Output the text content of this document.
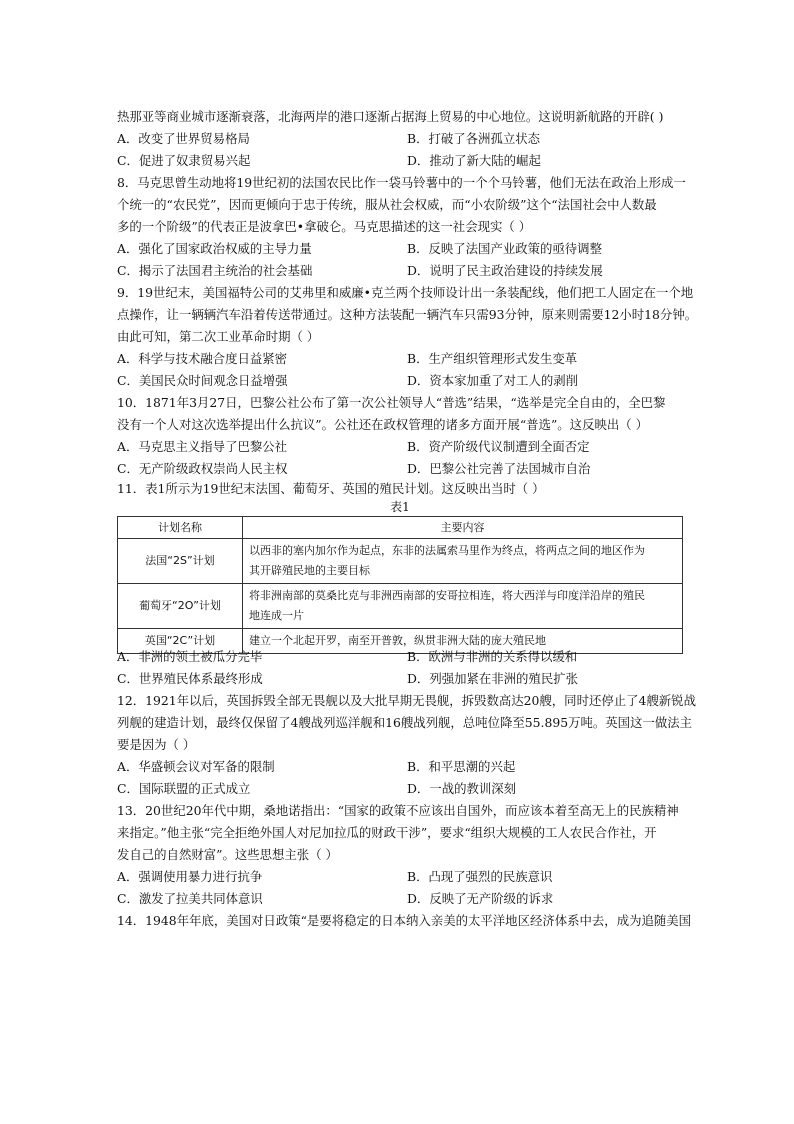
热那亚等商业城市逐渐衰落，北海两岸的港口逐渐占据海上贸易的中心地位。这说明新航路的开辟( )
A．改变了世界贸易格局	B．打破了各洲孤立状态
C．促进了奴隶贸易兴起	D．推动了新大陆的崛起
8．马克思曾生动地将19世纪初的法国农民比作一袋马铃薯中的一个个马铃薯，他们无法在政治上形成一
个统一的“农民党”，因而更倾向于忠于传统，服从社会权威，而“小农阶级”这个“法国社会中人数最
多的一个阶级”的代表正是波拿巴•拿破仑。马克思描述的这一社会现实（ ）
A．强化了国家政治权威的主导力量	B．反映了法国产业政策的亟待调整
C．揭示了法国君主统治的社会基础	D．说明了民主政治建设的持续发展
9．19世纪末，美国福特公司的艾弗里和威廉•克兰两个技师设计出一条装配线，他们把工人固定在一个地
点操作，让一辆辆汽车沿着传送带通过。这种方法装配一辆汽车只需93分钟，原来则需要12小时18分钟。
由此可知，第二次工业革命时期（ ）
A．科学与技术融合度日益紧密	B．生产组织管理形式发生变革
C．美国民众时间观念日益增强	D．资本家加重了对工人的剥削
10．1871年3月27日，巴黎公社公布了第一次公社领导人“普选”结果，“选举是完全自由的，全巴黎
没有一个人对这次选举提出什么抗议”。公社还在政权管理的诸多方面开展“普选”。这反映出（ ）
A．马克思主义指导了巴黎公社	B．资产阶级代议制遭到全面否定
C．无产阶级政权崇尚人民主权	D．巴黎公社完善了法国城市自治
11．表1所示为19世纪末法国、葡萄牙、英国的殖民计划。这反映出当时（ ）
表1
计划名称	主要内容
法国“2S”计划	以西非的塞内加尔作为起点，东非的法属索马里作为终点，将两点之间的地区作为
其开辟殖民地的主要目标

葡萄牙“2O”计划	将非洲南部的莫桑比克与非洲西南部的安哥拉相连，将大西洋与印度洋沿岸的殖民
地连成一片

英国“2C”计划	建立一个北起开罗，南至开普敦，纵贯非洲大陆的庞大殖民地
A．非洲的领土被瓜分完毕	B．欧洲与非洲的关系得以缓和
C．世界殖民体系最终形成	D．列强加紧在非洲的殖民扩张
12．1921年以后，英国拆毁全部无畏舰以及大批早期无畏舰，拆毁数高达20艘，同时还停止了4艘新锐战
列舰的建造计划，最终仅保留了4艘战列巡洋舰和16艘战列舰，总吨位降至55.895万吨。英国这一做法主
要是因为（ ）
A．华盛顿会议对军备的限制	B．和平思潮的兴起
C．国际联盟的正式成立	D．一战的教训深刻
13．20世纪20年代中期，桑地诺指出：“国家的政策不应该出自国外，而应该本着至高无上的民族精神
来指定。”他主张“完全拒绝外国人对尼加拉瓜的财政干涉”，要求“组织大规模的工人农民合作社，开
发自己的自然财富”。这些思想主张（ ）
A．强调使用暴力进行抗争	B．凸现了强烈的民族意识
C．激发了拉美共同体意识	D．反映了无产阶级的诉求
14．1948年年底，美国对日政策“是要将稳定的日本纳入亲美的太平洋地区经济体系中去，成为追随美国
